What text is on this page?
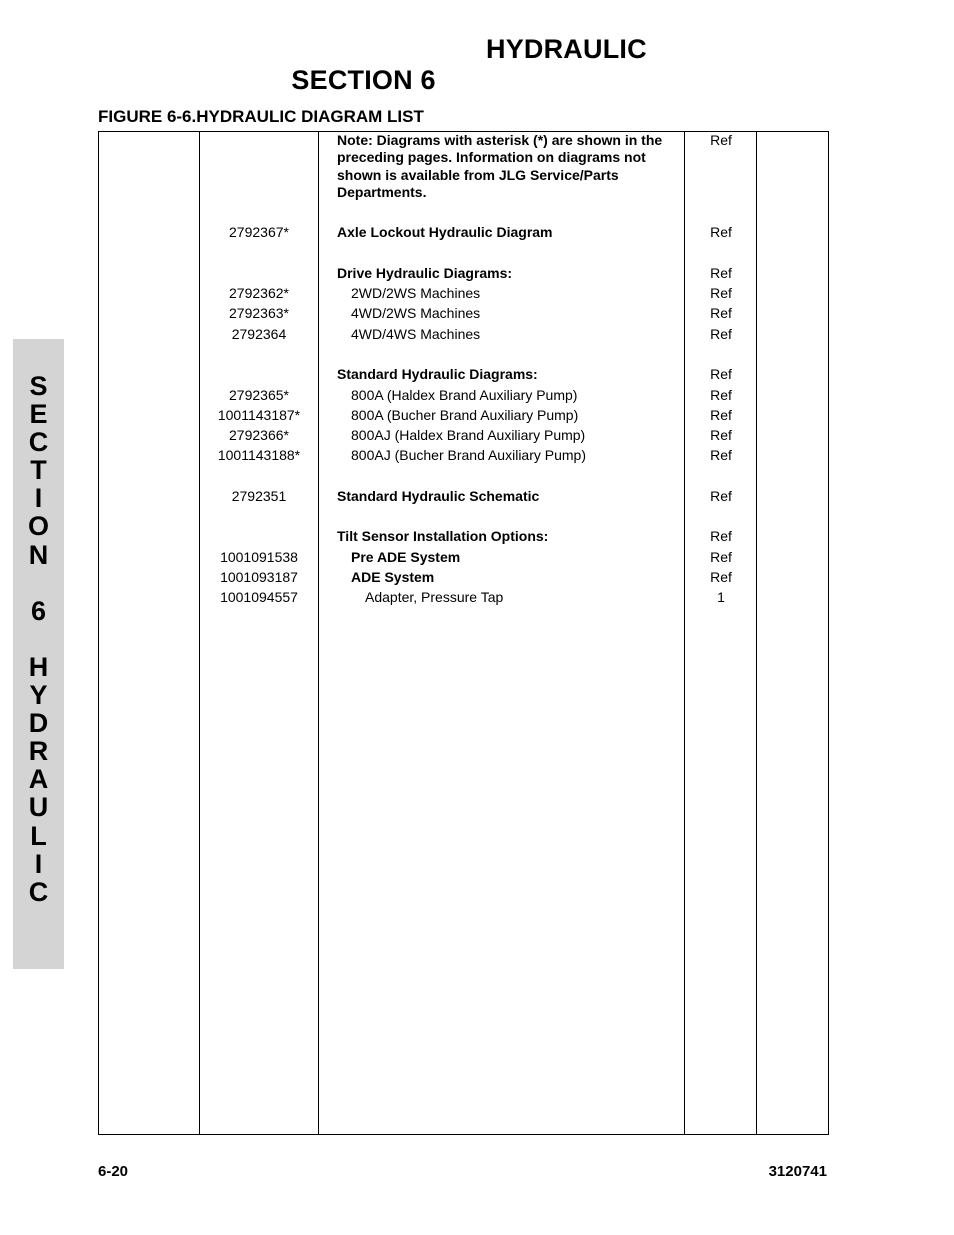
SECTION 6

HYDRAULIC

FIGURE 6-6.HYDRAULIC DIAGRAM LIST
S
E
C
T
I
O
N
6
H
Y
D
R
A
U
L
I
C
Note: Diagrams with asterisk (*) are shown in the preceding pages. Information on diagrams not shown is available from JLG Service/Parts Departments.
Ref
2792367*	Axle Lockout Hydraulic Diagram	Ref
Drive Hydraulic Diagrams:	Ref
2792362*	2WD/2WS Machines	Ref
2792363*	4WD/2WS Machines	Ref
2792364	4WD/4WS Machines	Ref
Standard Hydraulic Diagrams:	Ref
2792365*	800A (Haldex Brand Auxiliary Pump)	Ref
1001143187*	800A (Bucher Brand Auxiliary Pump)	Ref
2792366*	800AJ (Haldex Brand Auxiliary Pump)	Ref
1001143188*	800AJ (Bucher Brand Auxiliary Pump)	Ref
2792351	Standard Hydraulic Schematic	Ref
Tilt Sensor Installation Options:	Ref
1001091538	Pre ADE System	Ref
1001093187	ADE System	Ref
1001094557	Adapter, Pressure Tap	1
6-20	3120741
